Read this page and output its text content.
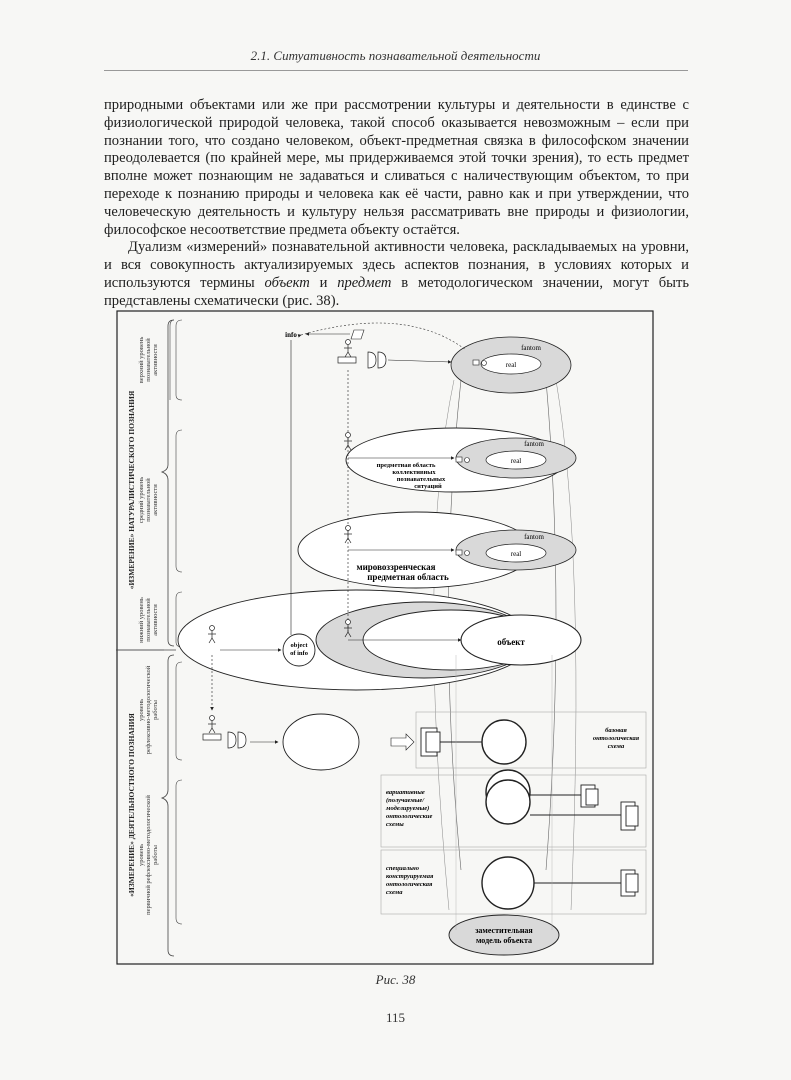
2.1. Ситуативность познавательной деятельности

природными объектами или же при рассмотрении культуры и деятельности в единстве с физиологической природой человека, такой способ оказывается невозможным – если при познании того, что создано человеком, объект-предметная связка в философском значении преодолевается (по крайней мере, мы придерживаемся этой точки зрения), то есть предмет вполне может познающим не задаваться и сливаться с наличествующим объектом, то при переходе к познанию природы и человека как её части, равно как и при утверждении, что человеческую деятельность и культуру нельзя рассматривать вне природы и физиологии, философское несоответствие предмета объекту остаётся.

Дуализм «измерений» познавательной активности человека, раскладываемых на уровни, и вся совокупность актуализируемых здесь аспектов познания, в условиях которых и используются термины объект и предмет в методологическом значении, могут быть представлены схематически (рис. 38).

«ИЗМЕРЕНИЕ» НАТУРАЛИСТИЧЕСКОГО ПОЗНАНИЯ
«ИЗМЕРЕНИЕ» ДЕЯТЕЛЬНОСТНОГО ПОЗНАНИЯ
верхний уровень познавательной активности
средний уровень познавательной активности
нижний уровень познавательной активности
уровень рефлексивно-методологической работы
уровень первичной рефлексивно-методологической работы
объект
object
of info
fantom
real
мировоззренческая
предметная область
fantom
real
предметная область
коллективных
познавательных
ситуаций
fantom
real
info
базовая
онтологическая
схема
вариативные
(получаемые/
моделируемые)
онтологические
схемы
специально
конструируемая
онтологическая
схема
заместительная
модель объекта
Рис. 38
115
